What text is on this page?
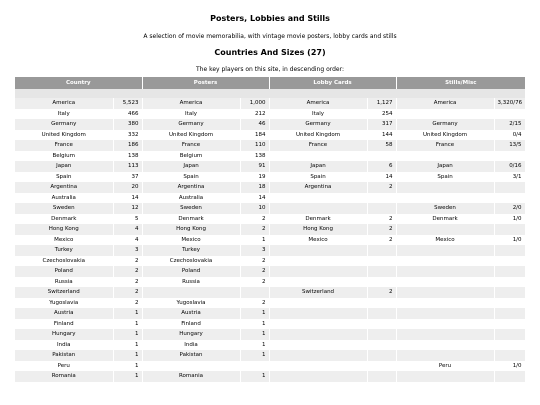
Posters, Lobbies and Stills
A selection of movie memorabilia, with vintage movie posters, lobby cards and stills
Countries And Sizes (27)
The key players on this site, in descending order:
Country		Posters		Lobby Cards		Stills/Misc	

America	5,523	America	1,000	America	1,127	America	3,320/76
Italy	466	Italy	212	Italy	254		
Germany	380	Germany	46	Germany	317	Germany	2/15
United Kingdom	332	United Kingdom	184	United Kingdom	144	United Kingdom	0/4
France	186	France	110	France	58	France	13/5
Belgium	138	Belgium	138				
Japan	113	Japan	91	Japan	6	Japan	0/16
Spain	37	Spain	19	Spain	14	Spain	3/1
Argentina	20	Argentina	18	Argentina	2		
Australia	14	Australia	14				
Sweden	12	Sweden	10			Sweden	2/0
Denmark	5	Denmark	2	Denmark	2	Denmark	1/0
Hong Kong	4	Hong Kong	2	Hong Kong	2		
Mexico	4	Mexico	1	Mexico	2	Mexico	1/0
Turkey	3	Turkey	3				
Czechoslovakia	2	Czechoslovakia	2				
Poland	2	Poland	2				
Russia	2	Russia	2				
Switzerland	2			Switzerland	2		
Yugoslavia	2	Yugoslavia	2				
Austria	1	Austria	1				
Finland	1	Finland	1				
Hungary	1	Hungary	1				
India	1	India	1				
Pakistan	1	Pakistan	1				
Peru	1					Peru	1/0
Romania	1	Romania	1				
